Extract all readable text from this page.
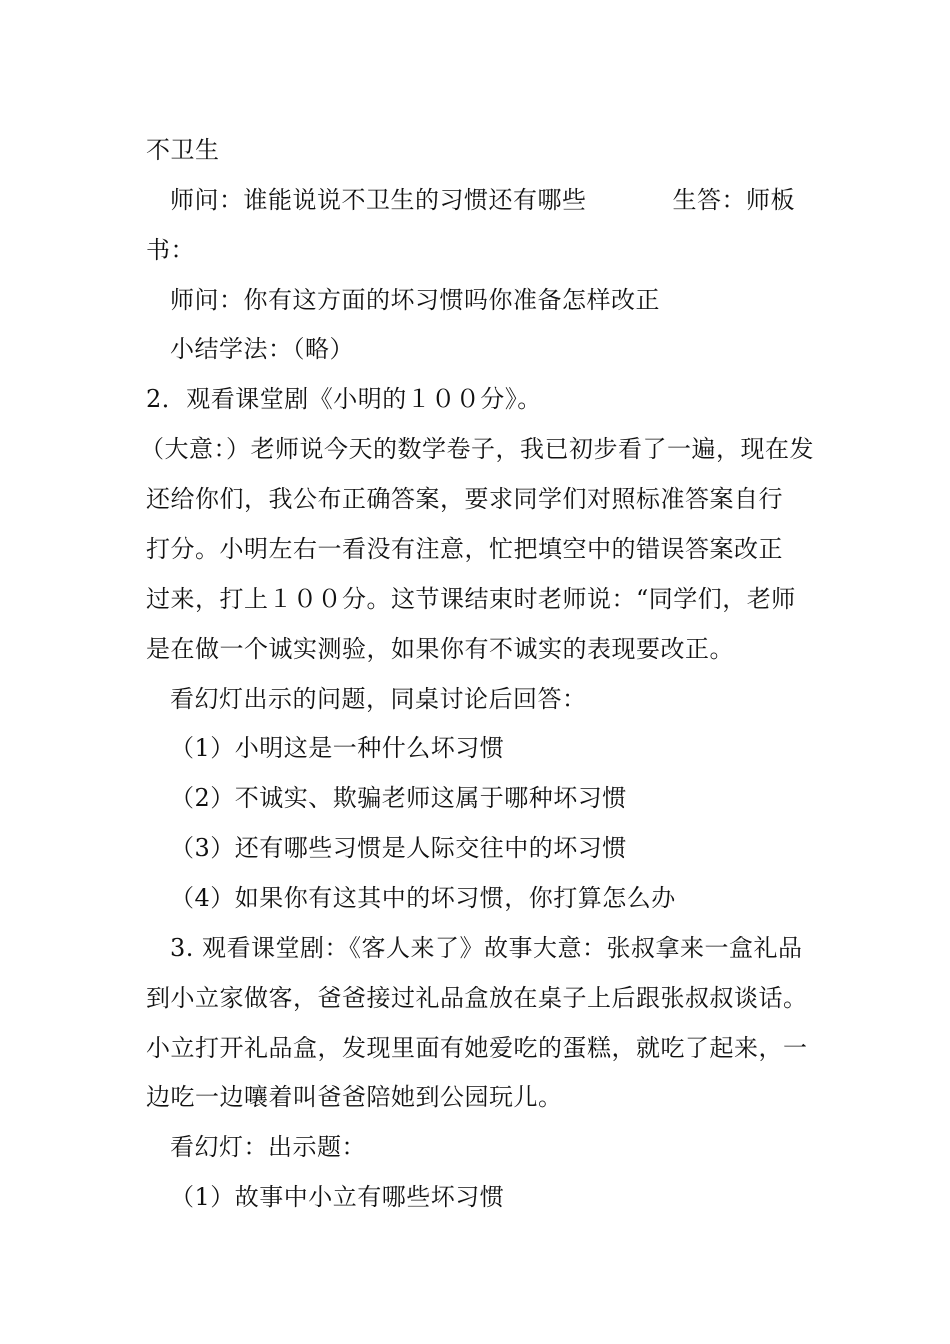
不卫生
师问：谁能说说不卫生的习惯还有哪些	生答：师板
书：
师问：你有这方面的坏习惯吗你准备怎样改正
小结学法：（略）
2．观看课堂剧《小明的１００分》。
（大意：）老师说今天的数学卷子，我已初步看了一遍，现在发
还给你们，我公布正确答案，要求同学们对照标准答案自行
打分。小明左右一看没有注意，忙把填空中的错误答案改正
过来，打上１００分。这节课结束时老师说：“同学们，老师
是在做一个诚实测验，如果你有不诚实的表现要改正。
看幻灯出示的问题，同桌讨论后回答：
（1）小明这是一种什么坏习惯
（2）不诚实、欺骗老师这属于哪种坏习惯
（3）还有哪些习惯是人际交往中的坏习惯
（4）如果你有这其中的坏习惯，你打算怎么办
3. 观看课堂剧：《客人来了》故事大意：张叔拿来一盒礼品
到小立家做客，爸爸接过礼品盒放在桌子上后跟张叔叔谈话。
小立打开礼品盒，发现里面有她爱吃的蛋糕，就吃了起来，一
边吃一边嚷着叫爸爸陪她到公园玩儿。
看幻灯：出示题：
（1）故事中小立有哪些坏习惯
